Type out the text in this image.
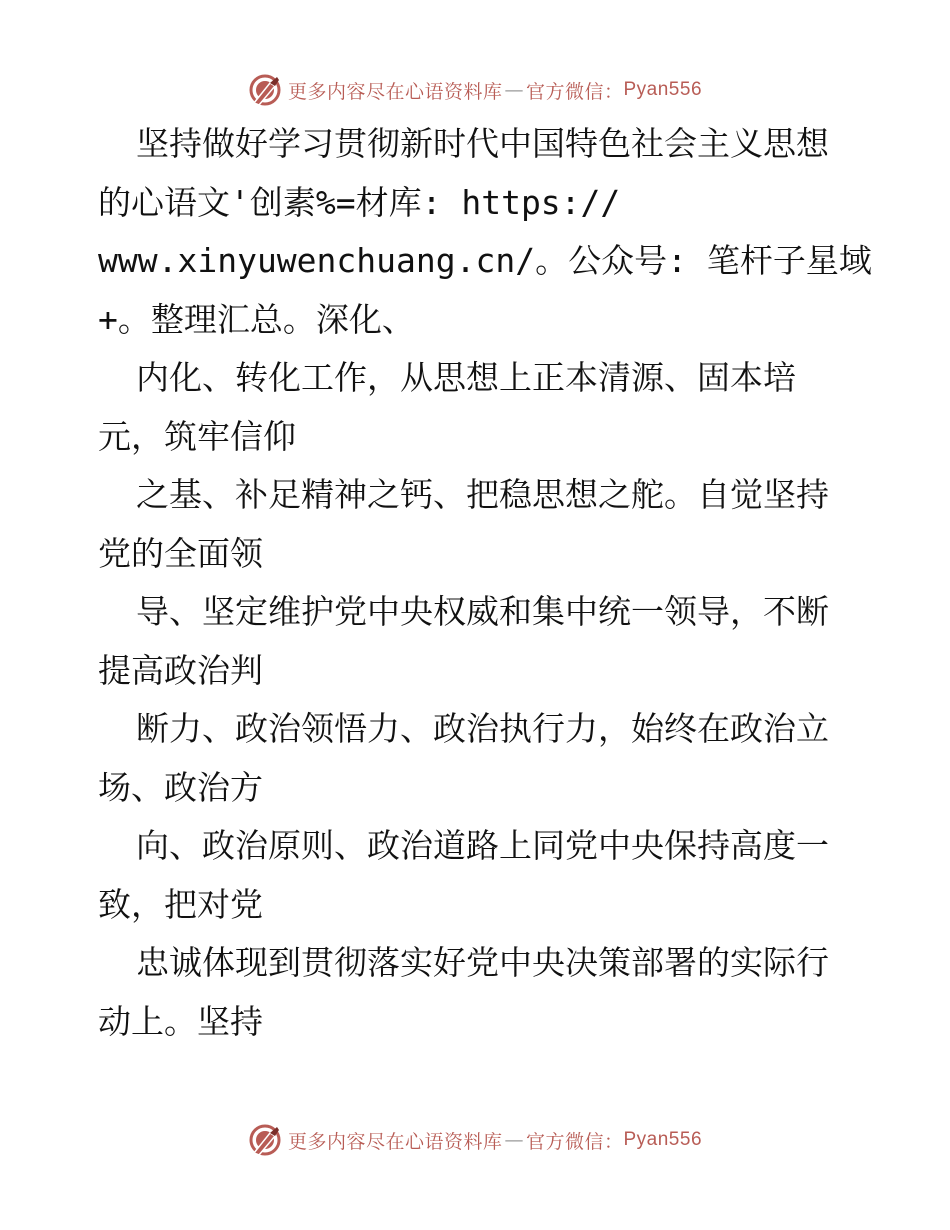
更多内容尽在心语资料库 — 官方微信： Pyan556
坚持做好学习贯彻新时代中国特色社会主义思想
的心语文'创素%=材库: https://
www.xinyuwenchuang.cn/。公众号: 笔杆子星域
+。整理汇总。深化、
内化、转化工作，从思想上正本清源、固本培
元，筑牢信仰
之基、补足精神之钙、把稳思想之舵。自觉坚持
党的全面领
导、坚定维护党中央权威和集中统一领导，不断
提高政治判
断力、政治领悟力、政治执行力，始终在政治立
场、政治方
向、政治原则、政治道路上同党中央保持高度一
致，把对党
忠诚体现到贯彻落实好党中央决策部署的实际行
动上。坚持
更多内容尽在心语资料库 — 官方微信： Pyan556
